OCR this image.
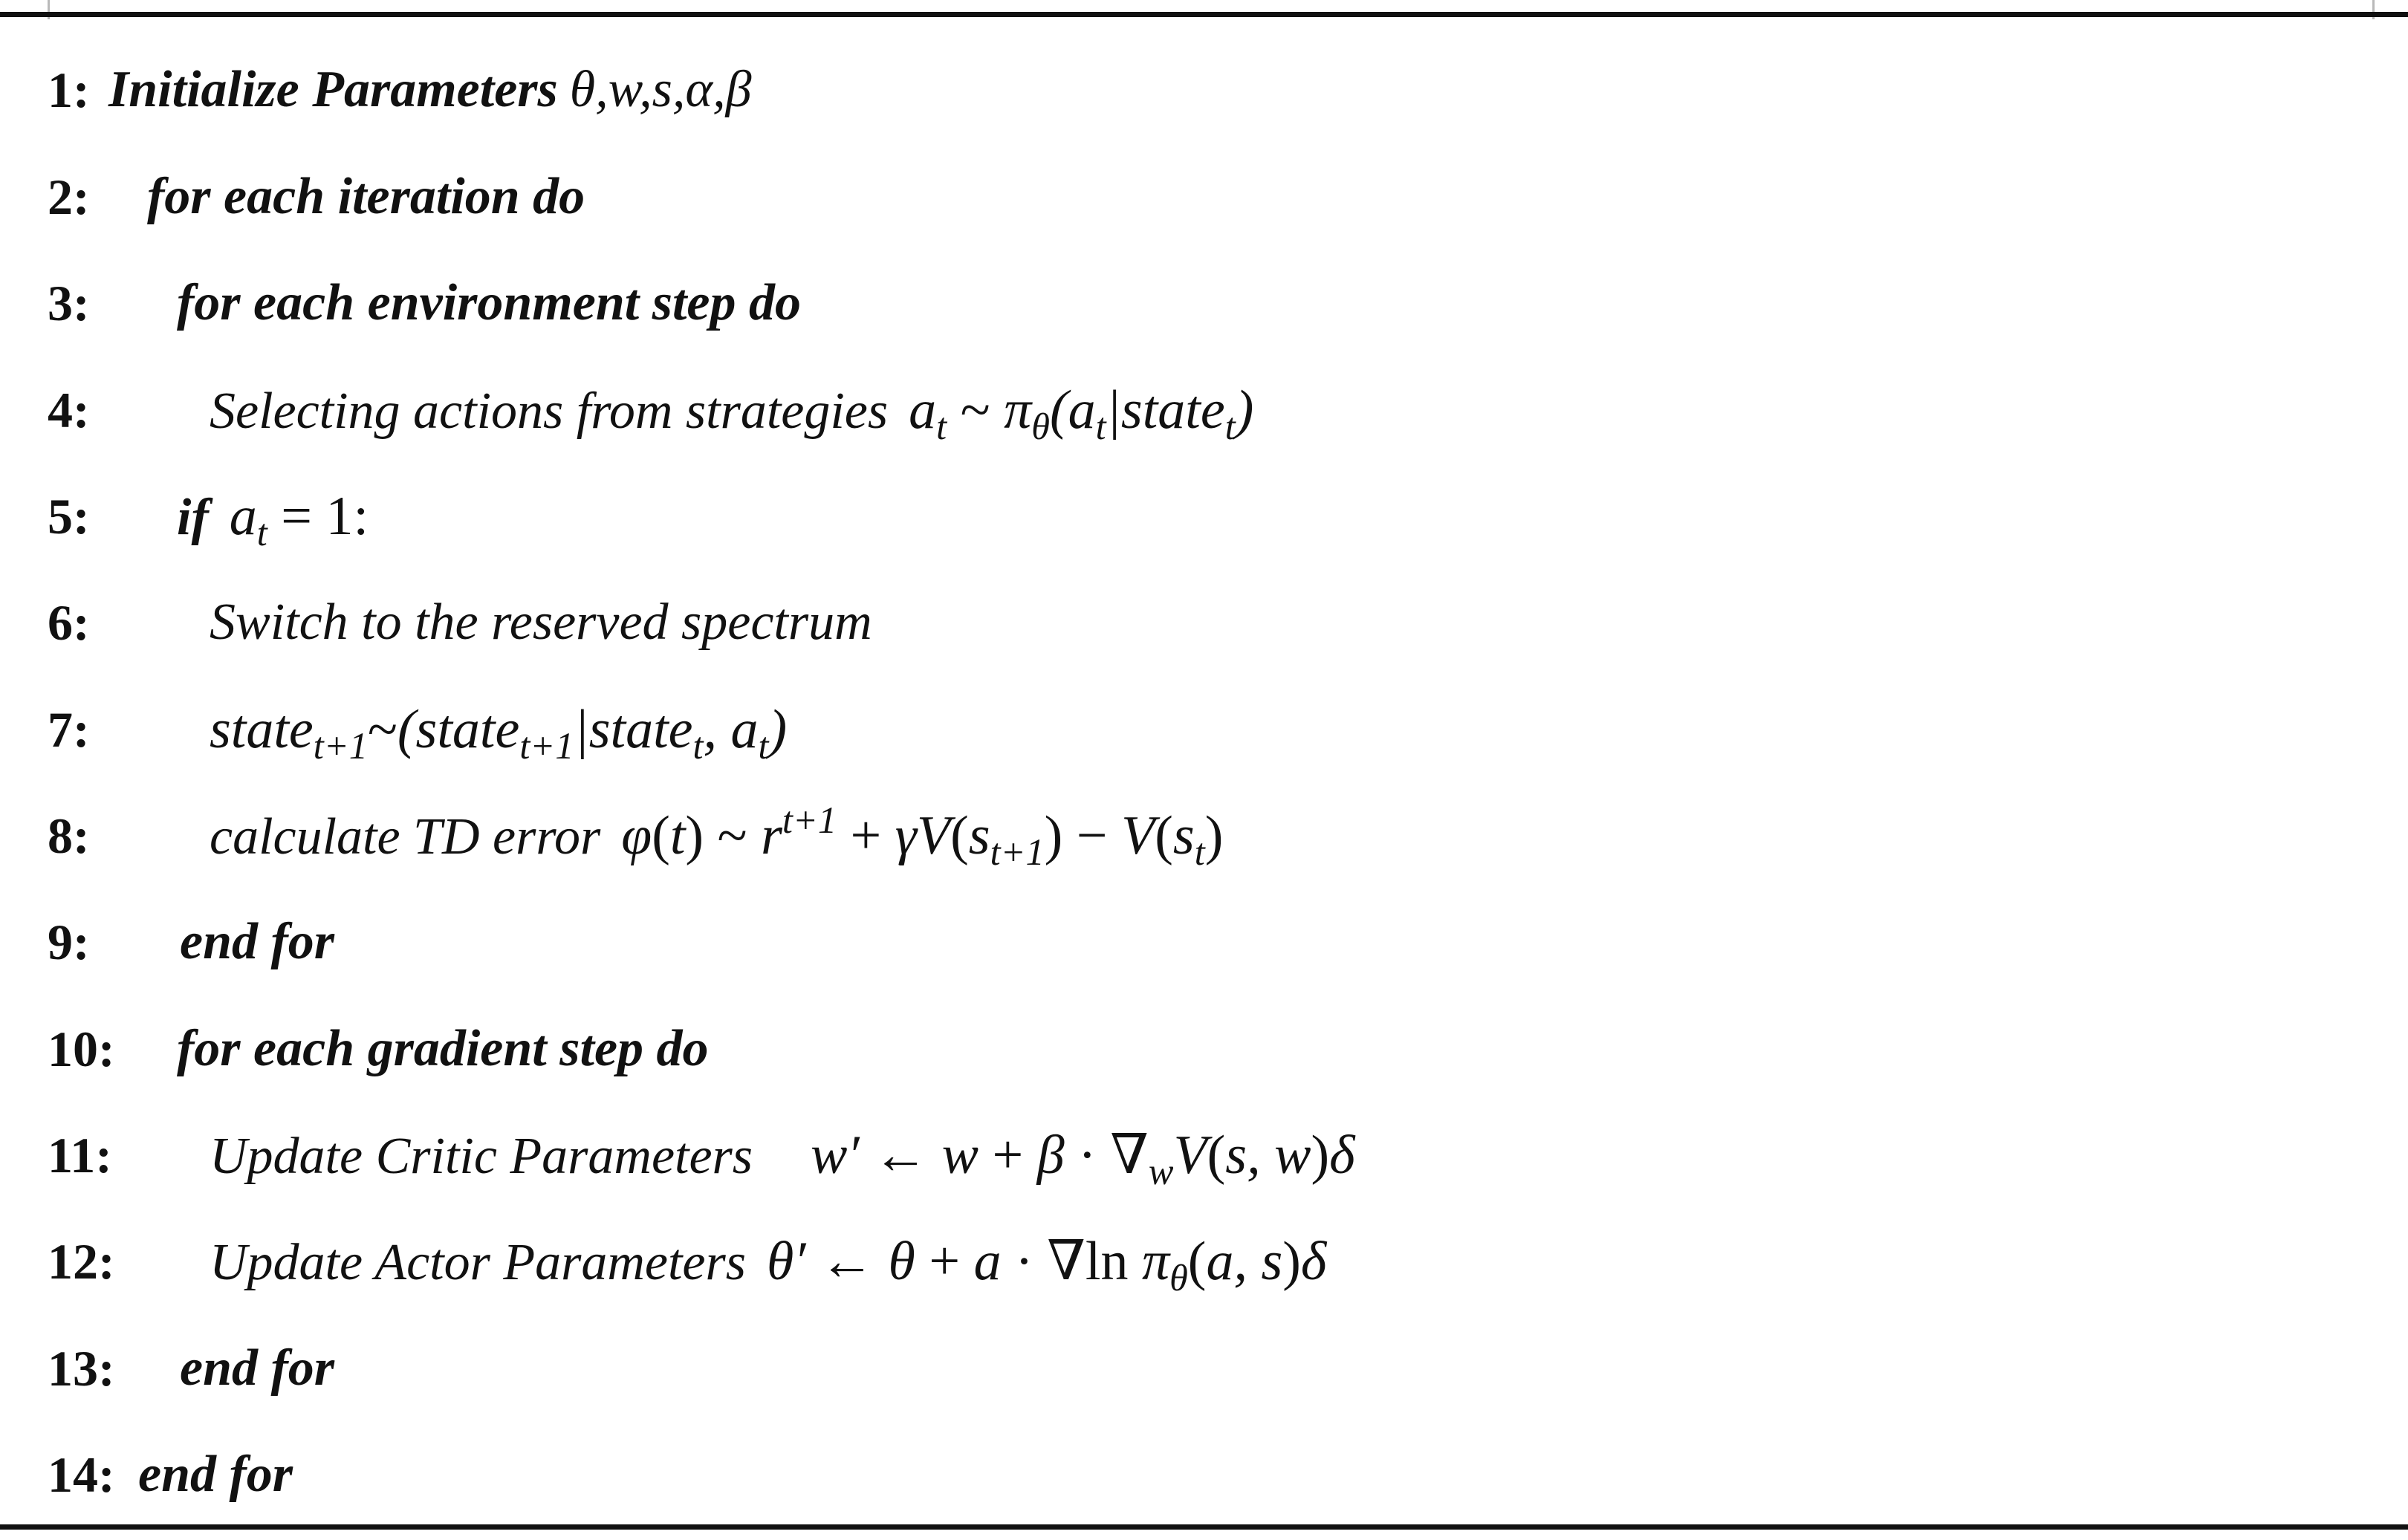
1: Initialize Parameters θ,w,s,α,β
2: for each iteration do
3: for each environment step do
4: Selecting actions from strategies $a_t$ ~ $\pi_\theta(a_t|state_t)$
5: if $a_t = 1$:
6: Switch to the reserved spectrum
7: state$_{t+1}$~(state$_{t+1}$|state$_t$, $a_t$)
8: calculate TD error φ(t) ~ $r^{t+1} + \gamma V(s_{t+1}) - V(s_t)$
9: end for
10: for each gradient step do
11: Update Critic Parameters w′ ← $w + \beta \cdot \nabla_wV(s$, w)δ
12: Update Actor Parameters θ′ ← θ + a · ∇ln $\pi_\theta(a$, s)δ
13: end for
14: end for
